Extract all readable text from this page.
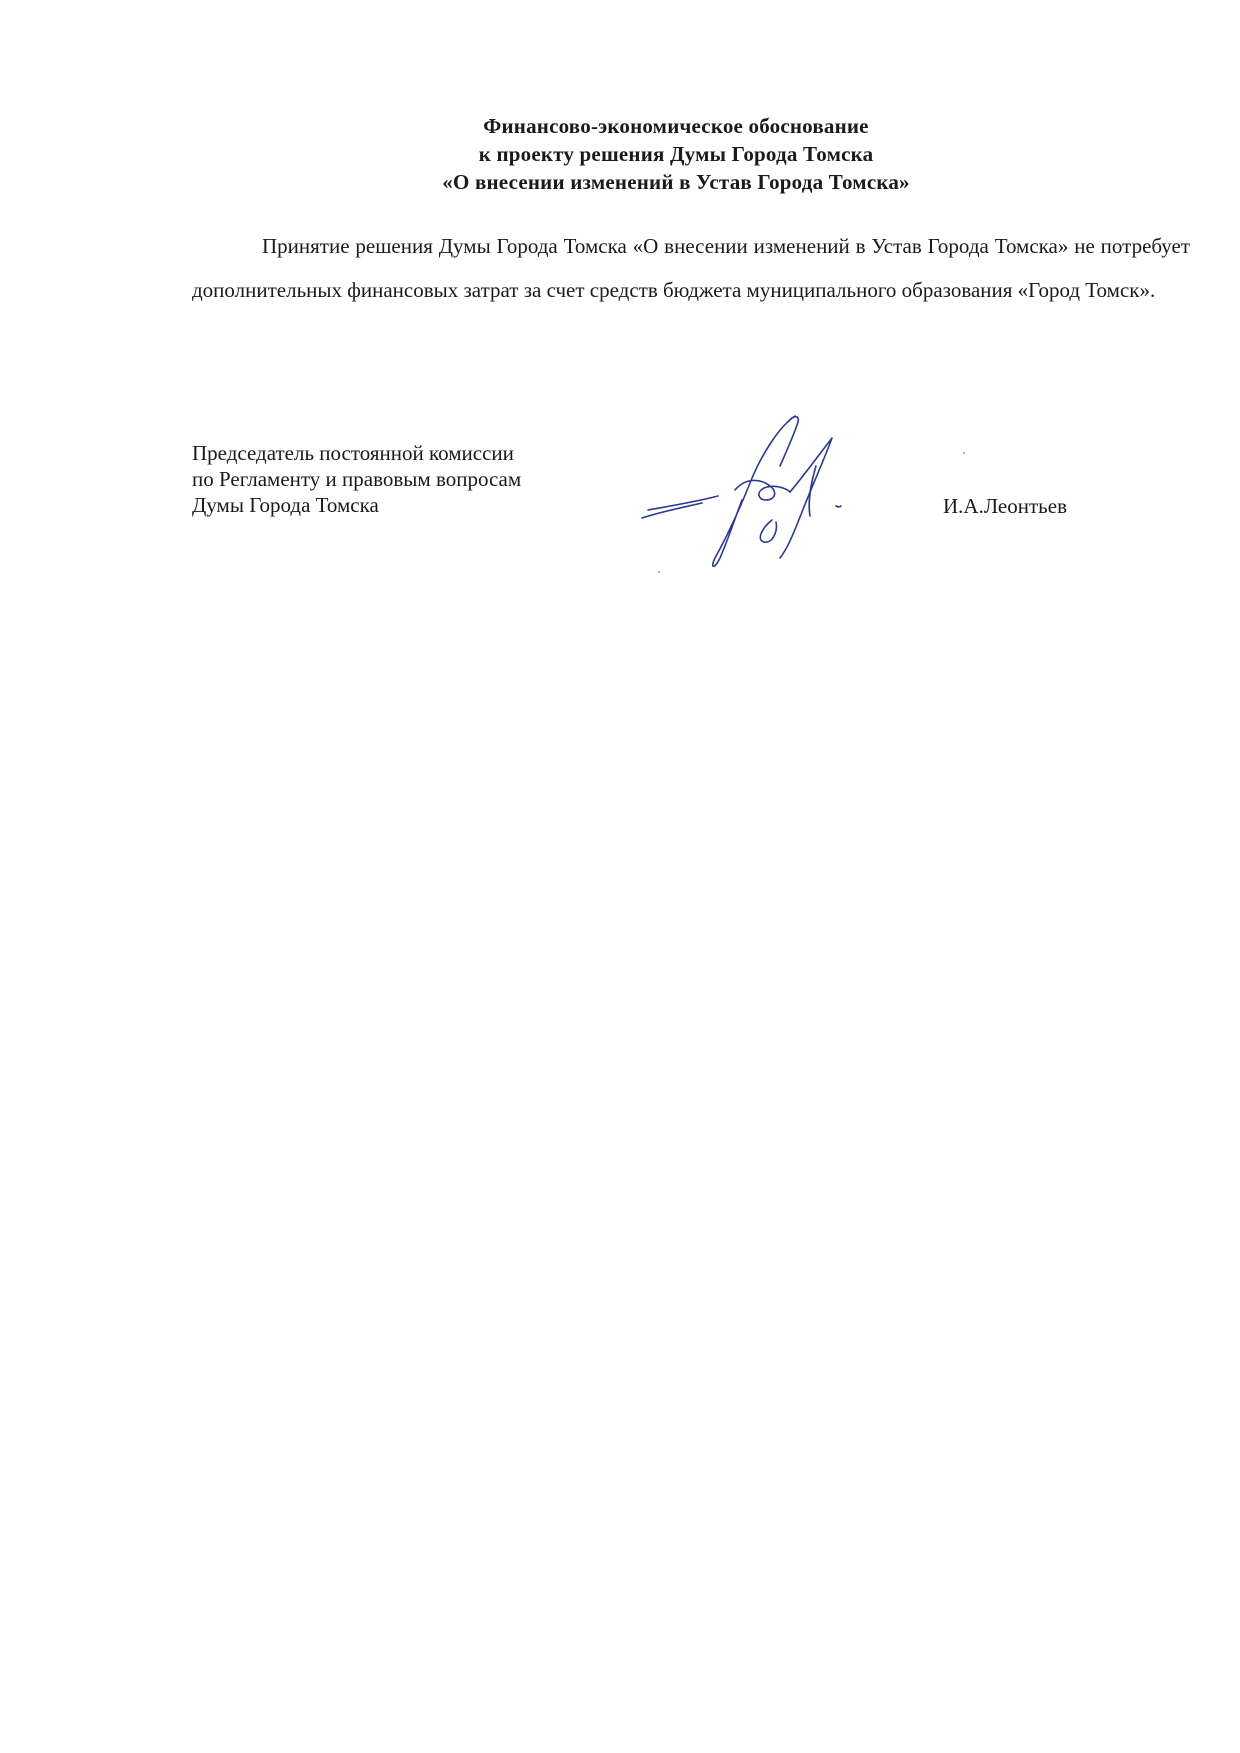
Финансово-экономическое обоснование
к проекту решения Думы Города Томска
«О внесении изменений в Устав Города Томска»

Принятие решения Думы Города Томска «О внесении изменений в Устав Города Томска» не потребует дополнительных финансовых затрат за счет средств бюджета муниципального образования «Город Томск».

Председатель постоянной комиссии
по Регламенту и правовым вопросам
Думы Города Томска	И.А.Леонтьев
